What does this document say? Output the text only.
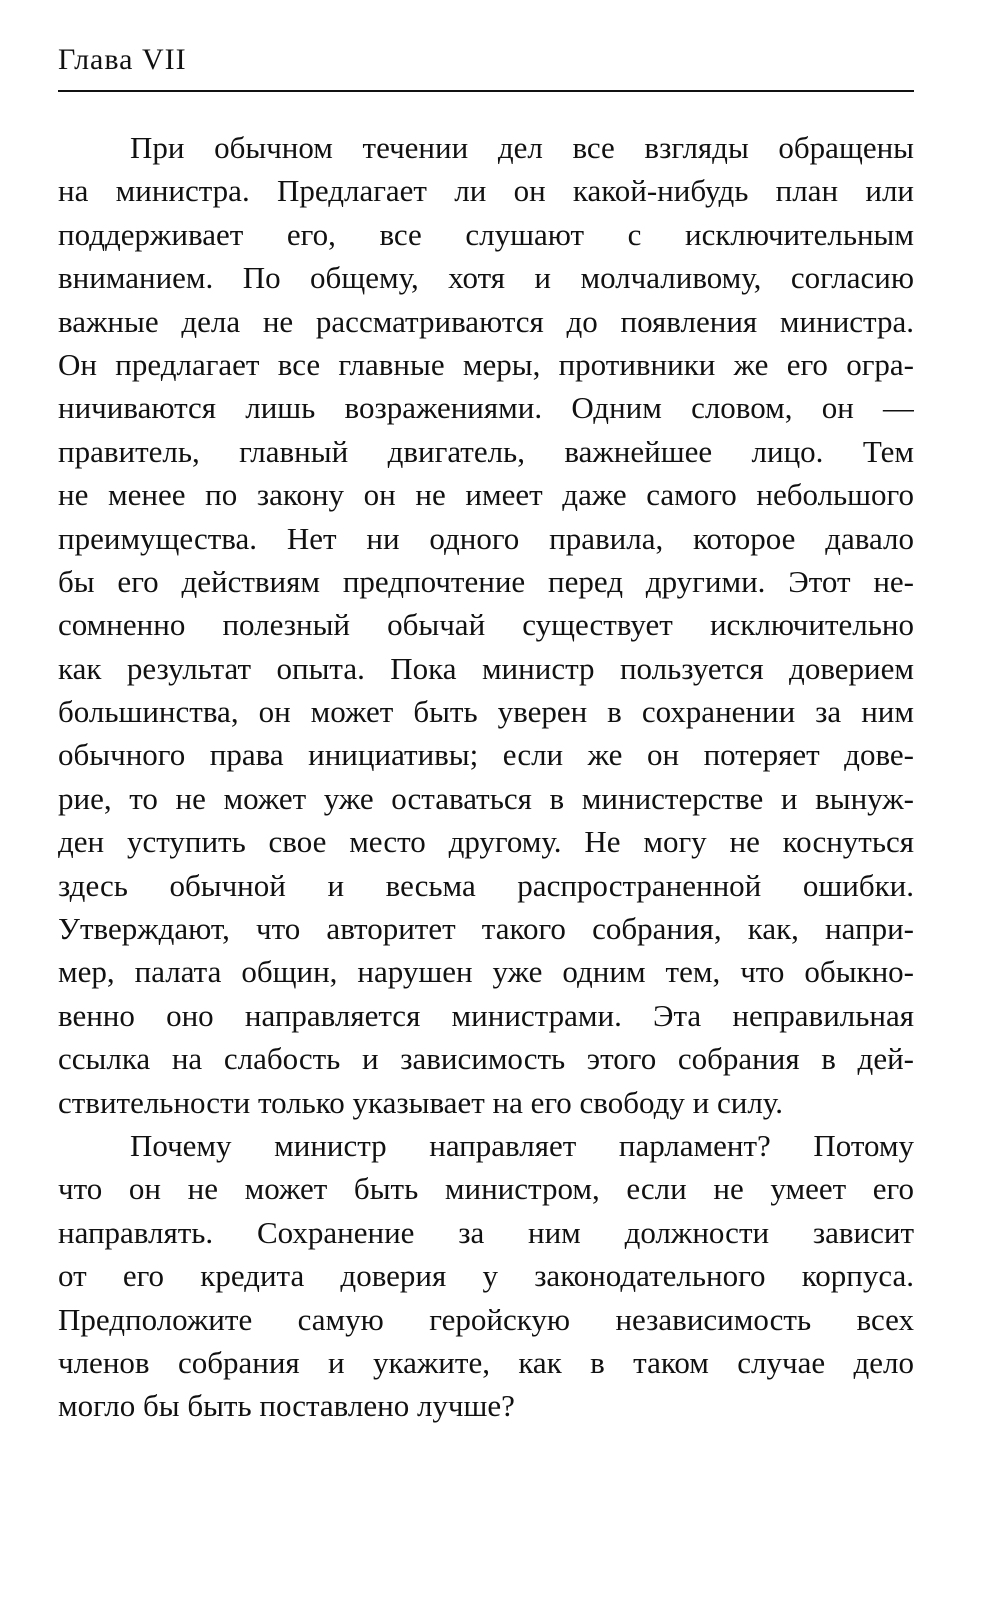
Глава VII
При обычном течении дел все взгляды обращены
на министра. Предлагает ли он какой-нибудь план или
поддерживает его, все слушают с исключительным
вниманием. По общему, хотя и молчаливому, согласию
важные дела не рассматриваются до появления министра.
Он предлагает все главные меры, противники же его огра-
ничиваются лишь возражениями. Одним словом, он —
правитель, главный двигатель, важнейшее лицо. Тем
не менее по закону он не имеет даже самого небольшого
преимущества. Нет ни одного правила, которое давало
бы его действиям предпочтение перед другими. Этот не-
сомненно полезный обычай существует исключительно
как результат опыта. Пока министр пользуется доверием
большинства, он может быть уверен в сохранении за ним
обычного права инициативы; если же он потеряет дове-
рие, то не может уже оставаться в министерстве и вынуж-
ден уступить свое место другому. Не могу не коснуться
здесь обычной и весьма распространенной ошибки.
Утверждают, что авторитет такого собрания, как, напри-
мер, палата общин, нарушен уже одним тем, что обыкно-
венно оно направляется министрами. Эта неправильная
ссылка на слабость и зависимость этого собрания в дей-
ствительности только указывает на его свободу и силу.
Почему министр направляет парламент? Потому
что он не может быть министром, если не умеет его
направлять. Сохранение за ним должности зависит
от его кредита доверия у законодательного корпуса.
Предположите самую геройскую независимость всех
членов собрания и укажите, как в таком случае дело
могло бы быть поставлено лучше?
